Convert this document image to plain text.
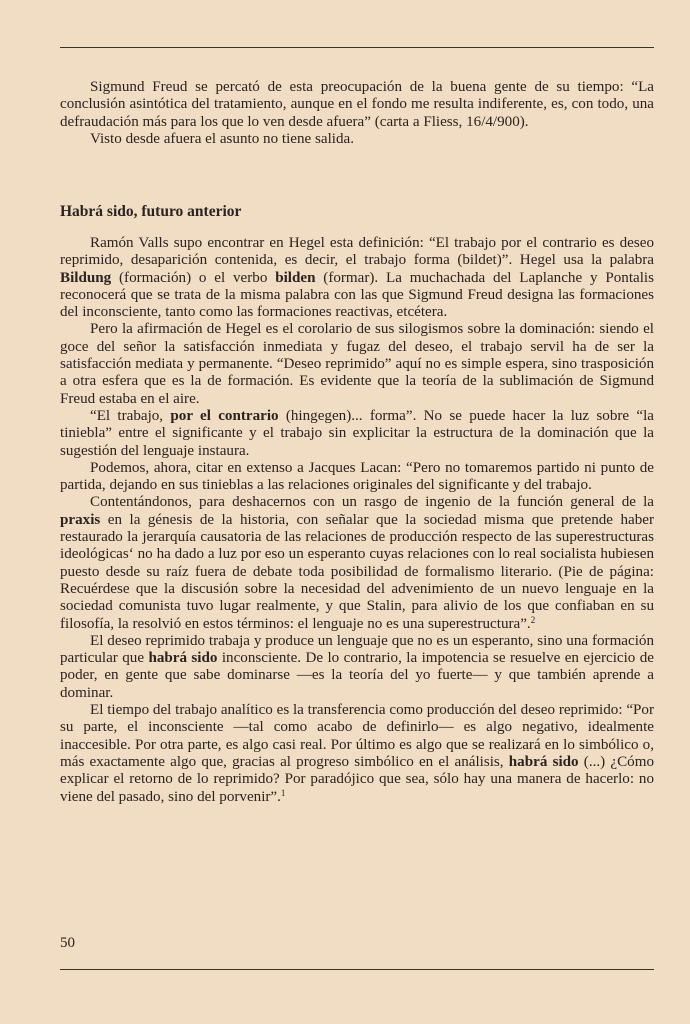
Sigmund Freud se percató de esta preocupación de la buena gente de su tiempo: “La conclusión asintótica del tratamiento, aunque en el fondo me resulta indiferente, es, con todo, una defraudación más para los que lo ven desde afuera” (carta a Fliess, 16/4/900).

Visto desde afuera el asunto no tiene salida.

Habrá sido, futuro anterior

Ramón Valls supo encontrar en Hegel esta definición: “El trabajo por el contrario es deseo reprimido, desaparición contenida, es decir, el trabajo forma (bildet)”. Hegel usa la palabra Bildung (formación) o el verbo bilden (formar). La muchachada del Laplanche y Pontalis reconocerá que se trata de la misma palabra con las que Sigmund Freud designa las formaciones del inconsciente, tanto como las formaciones reactivas, etcétera.

Pero la afirmación de Hegel es el corolario de sus silogismos sobre la dominación: siendo el goce del señor la satisfacción inmediata y fugaz del deseo, el trabajo servil ha de ser la satisfacción mediata y permanente. “Deseo reprimido” aquí no es simple espera, sino trasposición a otra esfera que es la de formación. Es evidente que la teoría de la sublimación de Sigmund Freud estaba en el aire.

“El trabajo, por el contrario (hingegen)... forma”. No se puede hacer la luz sobre “la tiniebla” entre el significante y el trabajo sin explicitar la estructura de la dominación que la sugestión del lenguaje instaura.

Podemos, ahora, citar en extenso a Jacques Lacan: “Pero no tomaremos partido ni punto de partida, dejando en sus tinieblas a las relaciones originales del significante y del trabajo.

Contentándonos, para deshacernos con un rasgo de ingenio de la función general de la praxis en la génesis de la historia, con señalar que la sociedad misma que pretende haber restaurado la jerarquía causatoria de las relaciones de producción respecto de las superestructuras ideológicas‘ no ha dado a luz por eso un esperanto cuyas relaciones con lo real socialista hubiesen puesto desde su raíz fuera de debate toda posibilidad de formalismo literario. (Pie de página: Recuérdese que la discusión sobre la necesidad del advenimiento de un nuevo lenguaje en la sociedad comunista tuvo lugar realmente, y que Stalin, para alivio de los que confiaban en su filosofía, la resolvió en estos términos: el lenguaje no es una superestructura”.$^2$

El deseo reprimido trabaja y produce un lenguaje que no es un esperanto, sino una formación particular que habrá sido inconsciente. De lo contrario, la impotencia se resuelve en ejercicio de poder, en gente que sabe dominarse —es la teoría del yo fuerte— y que también aprende a dominar.

El tiempo del trabajo analítico es la transferencia como producción del deseo reprimido: “Por su parte, el inconsciente —tal como acabo de definirlo— es algo negativo, idealmente inaccesible. Por otra parte, es algo casi real. Por último es algo que se realizará en lo simbólico o, más exactamente algo que, gracias al progreso simbólico en el análisis, habrá sido (...) ¿Cómo explicar el retorno de lo reprimido? Por paradójico que sea, sólo hay una manera de hacerlo: no viene del pasado, sino del porvenir”.$^1$

50
